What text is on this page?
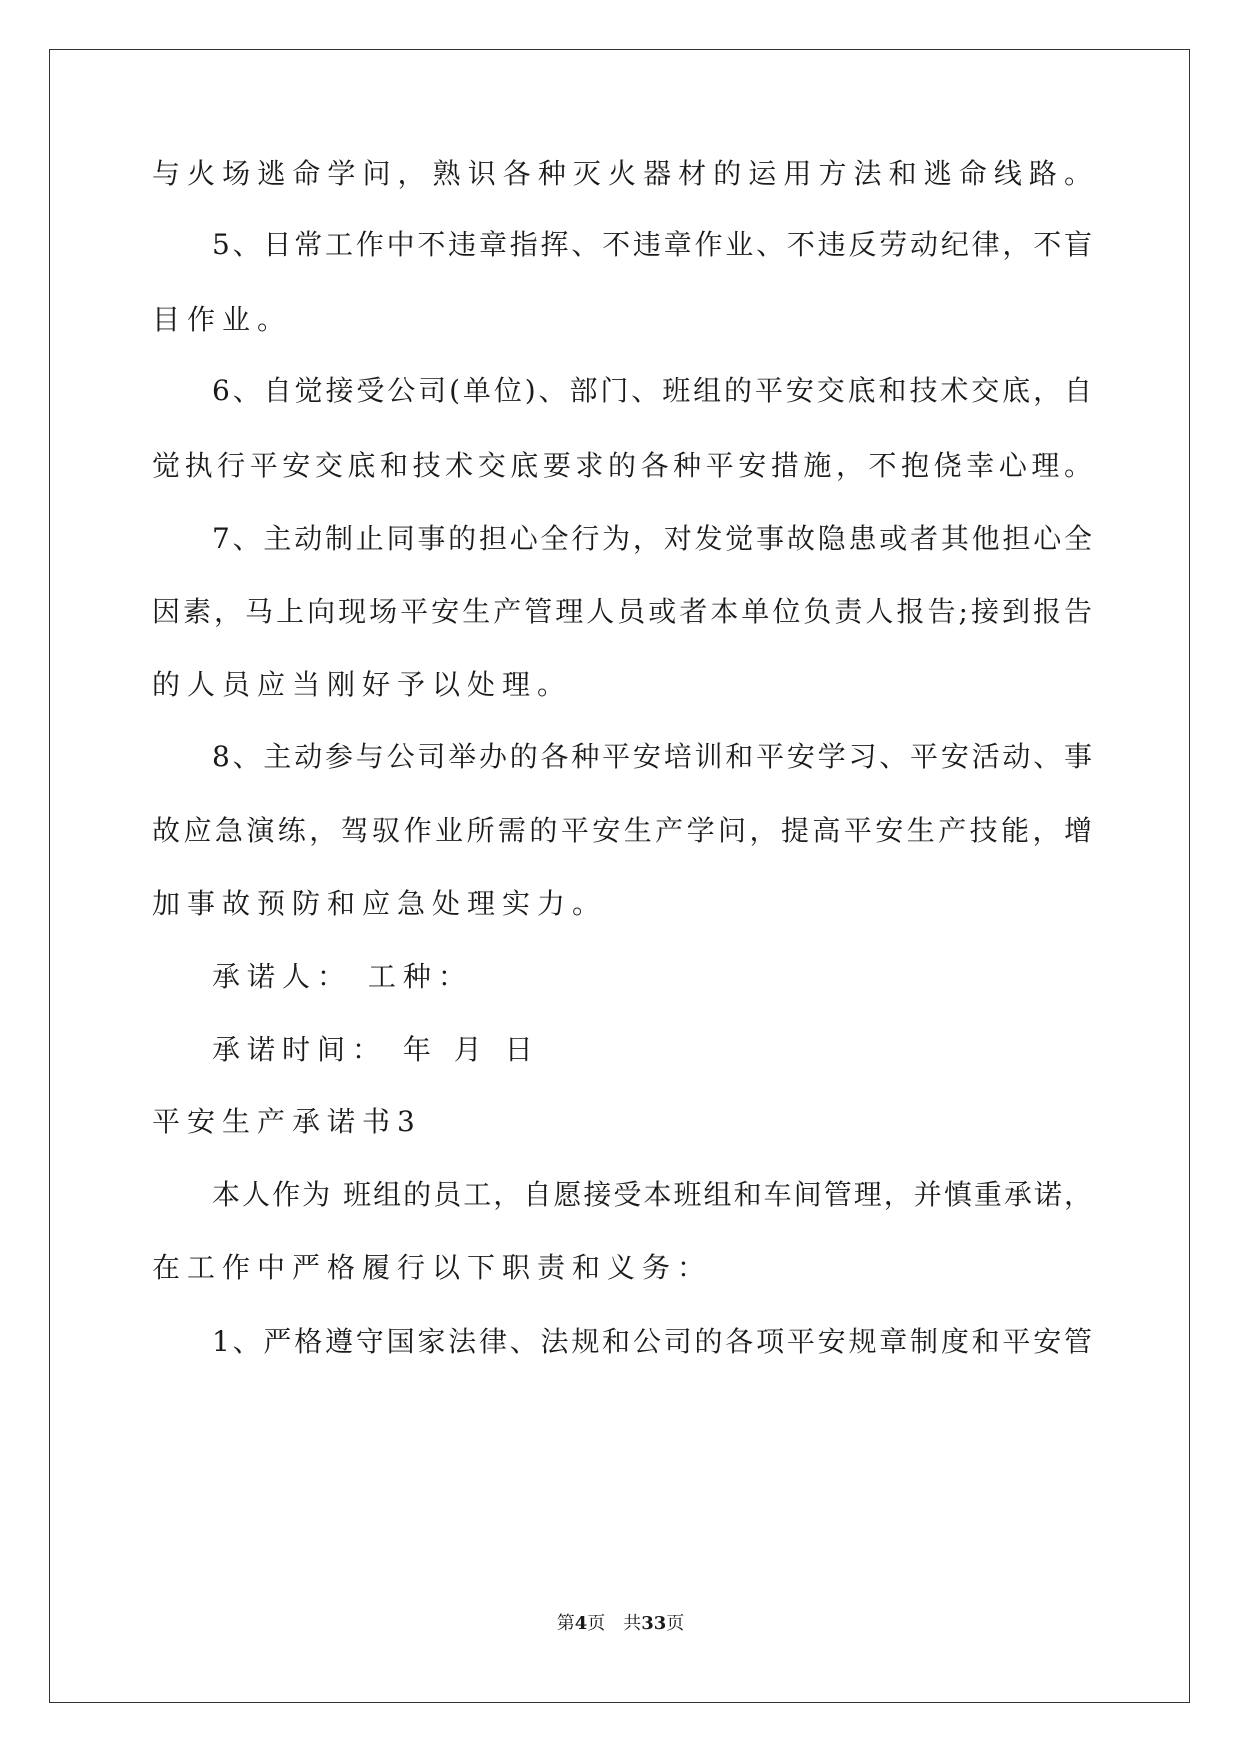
与火场逃命学问，熟识各种灭火器材的运用方法和逃命线路。
5、日常工作中不违章指挥、不违章作业、不违反劳动纪律，不盲
目作业。
6、自觉接受公司(单位)、部门、班组的平安交底和技术交底，自
觉执行平安交底和技术交底要求的各种平安措施，不抱侥幸心理。
7、主动制止同事的担心全行为，对发觉事故隐患或者其他担心全
因素，马上向现场平安生产管理人员或者本单位负责人报告;接到报告
的人员应当刚好予以处理。
8、主动参与公司举办的各种平安培训和平安学习、平安活动、事
故应急演练，驾驭作业所需的平安生产学问，提高平安生产技能，增
加事故预防和应急处理实力。
承诺人： 工种：
承诺时间： 年 月 日
平安生产承诺书3
本人作为 班组的员工，自愿接受本班组和车间管理，并慎重承诺，
在工作中严格履行以下职责和义务：
1、严格遵守国家法律、法规和公司的各项平安规章制度和平安管
第4页 共33页
